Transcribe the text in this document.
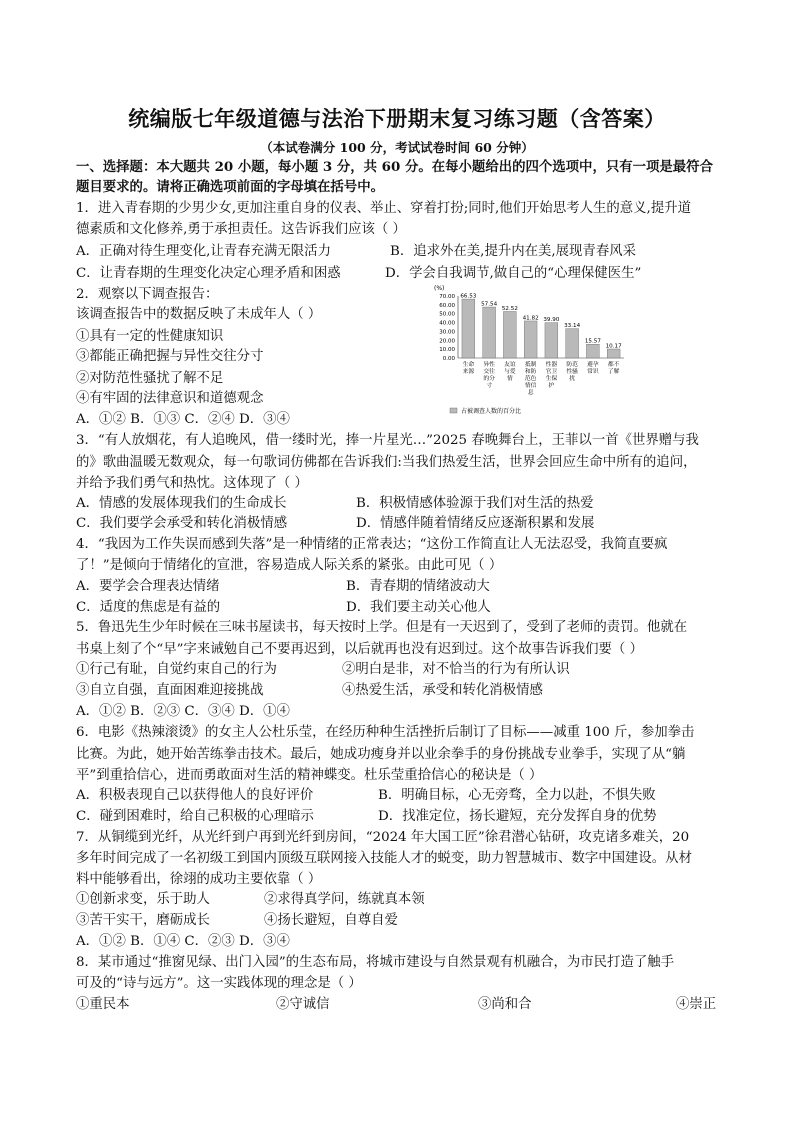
统编版七年级道德与法治下册期末复习练习题（含答案）
（本试卷满分 100 分，考试试卷时间 60 分钟）
一、选择题：本大题共 20 小题，每小题 3 分，共 60 分。在每小题给出的四个选项中，只有一项是最符合
题目要求的。请将正确选项前面的字母填在括号中。
1．进入青春期的少男少女,更加注重自身的仪表、举止、穿着打扮;同时,他们开始思考人生的意义,提升道
德素质和文化修养,勇于承担责任。这告诉我们应该（ ）
A．正确对待生理变化,让青春充满无限活力	B．追求外在美,提升内在美,展现青春风采
C．让青春期的生理变化决定心理矛盾和困惑	D．学会自我调节,做自己的“心理保健医生”
2．观察以下调查报告：
该调查报告中的数据反映了未成年人（ ）
①具有一定的性健康知识
③都能正确把握与异性交往分寸
②对防范性骚扰了解不足
④有牢固的法律意识和道德观念
A．①② B．①③ C．②④ D．③④
(%)
70.00
60.00
50.00
40.00
30.00
20.00
10.00
0.00
66.53
生命
来源
57.54
异性
交往
的分
寸
52.52
友谊
与爱
情
41.82
抵制
和防
范色
情信
息
39.90
性器
官卫
生保
护
33.14
防范
性骚
扰
15.57
避孕
常识
10.17
都不
了解
占被调查人数的百分比
3．“有人放烟花，有人追晚风，借一缕时光，捧一片星光…”2025 春晚舞台上，王菲以一首《世界赠与我
的》歌曲温暖无数观众，每一句歌词仿佛都在告诉我们:当我们热爱生活，世界会回应生命中所有的追问，
并给予我们勇气和热忱。这体现了（ ）
A．情感的发展体现我们的生命成长	B．积极情感体验源于我们对生活的热爱
C．我们要学会承受和转化消极情感	D．情感伴随着情绪反应逐渐积累和发展
4．“我因为工作失误而感到失落”是一种情绪的正常表达；“这份工作简直让人无法忍受，我简直要疯
了！”是倾向于情绪化的宣泄，容易造成人际关系的紧张。由此可见（ ）
A．要学会合理表达情绪	B．青春期的情绪波动大
C．适度的焦虑是有益的	D．我们要主动关心他人
5．鲁迅先生少年时候在三味书屋读书，每天按时上学。但是有一天迟到了，受到了老师的责罚。他就在
书桌上刻了个“早”字来诫勉自己不要再迟到，以后就再也没有迟到过。这个故事告诉我们要（ ）
①行己有耻，自觉约束自己的行为	②明白是非，对不恰当的行为有所认识
③自立自强，直面困难迎接挑战	④热爱生活，承受和转化消极情感
A．①② B．②③ C．③④ D．①④
6．电影《热辣滚烫》的女主人公杜乐莹，在经历种种生活挫折后制订了目标——减重 100 斤，参加拳击
比赛。为此，她开始苦练拳击技术。最后，她成功瘦身并以业余拳手的身份挑战专业拳手，实现了从“躺
平”到重拾信心，进而勇敢面对生活的精神蝶变。杜乐莹重拾信心的秘诀是（ ）
A．积极表现自己以获得他人的良好评价	B．明确目标，心无旁骛，全力以赴，不惧失败
C．碰到困难时，给自己积极的心理暗示	D．找准定位，扬长避短，充分发挥自身的优势
7．从铜缆到光纤，从光纤到户再到光纤到房间，“2024 年大国工匠”徐君潜心钻研，攻克诸多难关，20
多年时间完成了一名初级工到国内顶级互联网接入技能人才的蜕变，助力智慧城市、数字中国建设。从材
料中能够看出，徐翊的成功主要依靠（ ）
①创新求变，乐于助人	②求得真学问，练就真本领
③苦干实干，磨砺成长	④扬长避短，自尊自爱
A．①② B．①④ C．②③ D．③④
8．某市通过“推窗见绿、出门入园”的生态布局，将城市建设与自然景观有机融合，为市民打造了触手
可及的“诗与远方”。这一实践体现的理念是（ ）
①重民本	②守诚信	③尚和合	④崇正
